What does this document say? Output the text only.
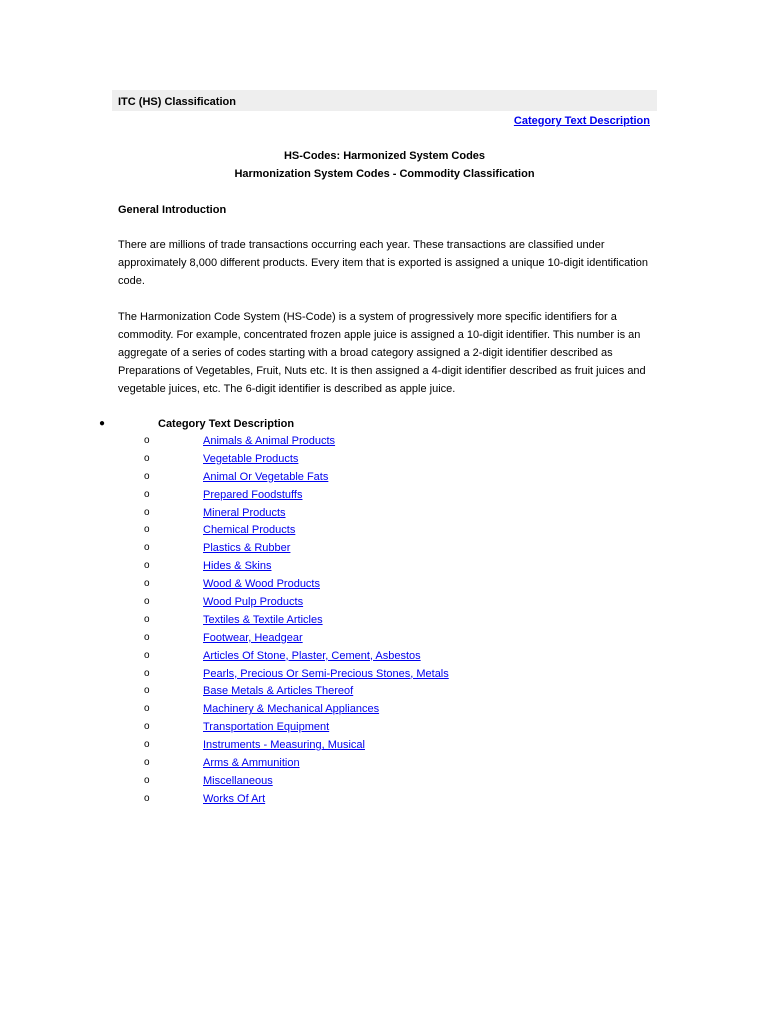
ITC (HS) Classification
Category Text Description
HS-Codes: Harmonized System Codes
Harmonization System Codes - Commodity Classification
General Introduction

There are millions of trade transactions occurring each year. These transactions are classified under approximately 8,000 different products. Every item that is exported is assigned a unique 10-digit identification code.

The Harmonization Code System (HS-Code) is a system of progressively more specific identifiers for a commodity. For example, concentrated frozen apple juice is assigned a 10-digit identifier. This number is an aggregate of a series of codes starting with a broad category assigned a 2-digit identifier described as Preparations of Vegetables, Fruit, Nuts etc. It is then assigned a 4-digit identifier described as fruit juices and vegetable juices, etc. The 6-digit identifier is described as apple juice.

●	Category Text Description
o	Animals & Animal Products
o	Vegetable Products
o	Animal Or Vegetable Fats
o	Prepared Foodstuffs
o	Mineral Products
o	Chemical Products
o	Plastics & Rubber
o	Hides & Skins
o	Wood & Wood Products
o	Wood Pulp Products
o	Textiles & Textile Articles
o	Footwear, Headgear
o	Articles Of Stone, Plaster, Cement, Asbestos
o	Pearls, Precious Or Semi-Precious Stones, Metals
o	Base Metals & Articles Thereof
o	Machinery & Mechanical Appliances
o	Transportation Equipment
o	Instruments - Measuring, Musical
o	Arms & Ammunition
o	Miscellaneous
o	Works Of Art
